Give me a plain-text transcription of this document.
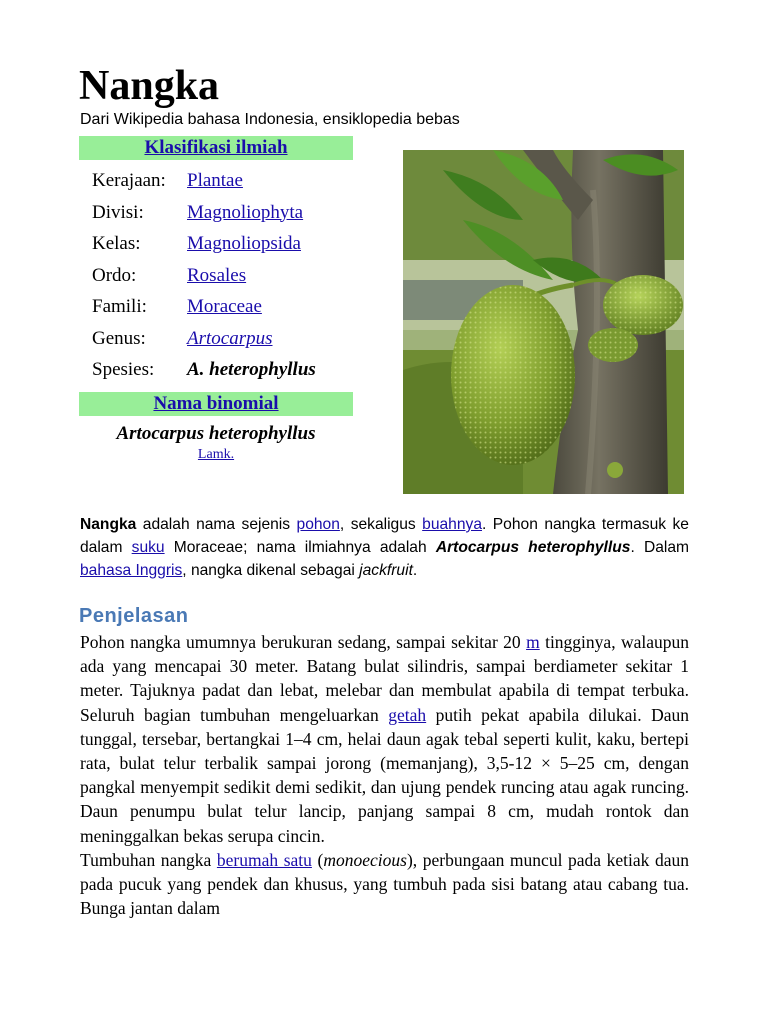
Nangka
Dari Wikipedia bahasa Indonesia, ensiklopedia bebas
Klasifikasi ilmiah
Kerajaan: Plantae
Divisi: Magnoliophyta
Kelas: Magnoliopsida
Ordo:	Rosales
Famili: Moraceae
Genus: Artocarpus
Spesies: A. heterophyllus
Nama binomial
Artocarpus heterophyllus
Lamk.

Nangka adalah nama sejenis pohon, sekaligus buahnya. Pohon nangka termasuk ke dalam suku Moraceae; nama ilmiahnya adalah Artocarpus heterophyllus. Dalam bahasa Inggris, nangka dikenal sebagai jackfruit.

Penjelasan
Pohon nangka umumnya berukuran sedang, sampai sekitar 20 m tingginya, walaupun ada yang mencapai 30 meter. Batang bulat silindris, sampai berdiameter sekitar 1 meter. Tajuknya padat dan lebat, melebar dan membulat apabila di tempat terbuka. Seluruh bagian tumbuhan mengeluarkan getah putih pekat apabila dilukai. Daun tunggal, tersebar, bertangkai 1–4 cm, helai daun agak tebal seperti kulit, kaku, bertepi rata, bulat telur terbalik sampai jorong (memanjang), 3,5-12 × 5–25 cm, dengan pangkal menyempit sedikit demi sedikit, dan ujung pendek runcing atau agak runcing. Daun penumpu bulat telur lancip, panjang sampai 8 cm, mudah rontok dan meninggalkan bekas serupa cincin.
Tumbuhan nangka berumah satu (monoecious), perbungaan muncul pada ketiak daun pada pucuk yang pendek dan khusus, yang tumbuh pada sisi batang atau cabang tua. Bunga jantan dalam
